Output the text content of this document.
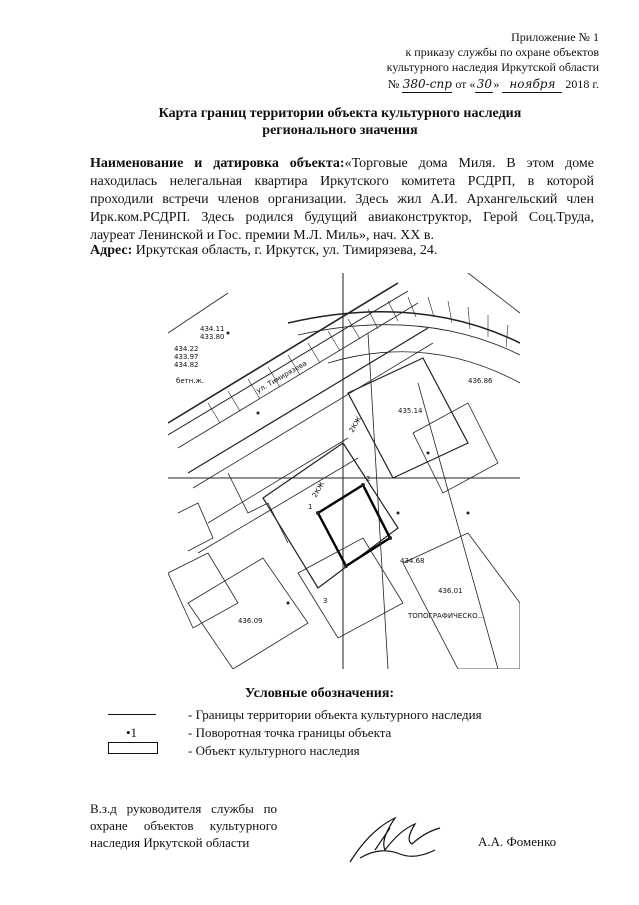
Приложение № 1
к приказу службы по охране объектов
культурного наследия Иркутской области
№ 380-спр от «30» ноября 2018 г.
Карта границ территории объекта культурного наследия
регионального значения
Наименование и датировка объекта:«Торговые дома Миля. В этом доме находилась нелегальная квартира Иркутского комитета РСДРП, в которой проходили встречи членов организации. Здесь жил А.И. Архангельский член Ирк.ком.РСДРП. Здесь родился будущий авиаконструктор, Герой Соц.Труда, лауреат Ленинской и Гос. премии М.Л. Миль», нач. XX в.
Адрес: Иркутская область, г. Иркутск, ул. Тимирязева, 24.
2КЖ
2КЖ
бетн.ж.	ул. Тимирязева
ТОПОГРАФИЧЕСКО...
434.11
433.80
434.22
433.97
434.82
435.14
436.01
436.86
434.68
436.09
1
2
3
Условные обозначения:
- Границы территории объекта культурного наследия
•1	- Поворотная точка границы объекта
- Объект культурного наследия
В.з.д   руководителя   службы   по
охране     объектов     культурного
наследия Иркутской области	А.А. Фоменко
